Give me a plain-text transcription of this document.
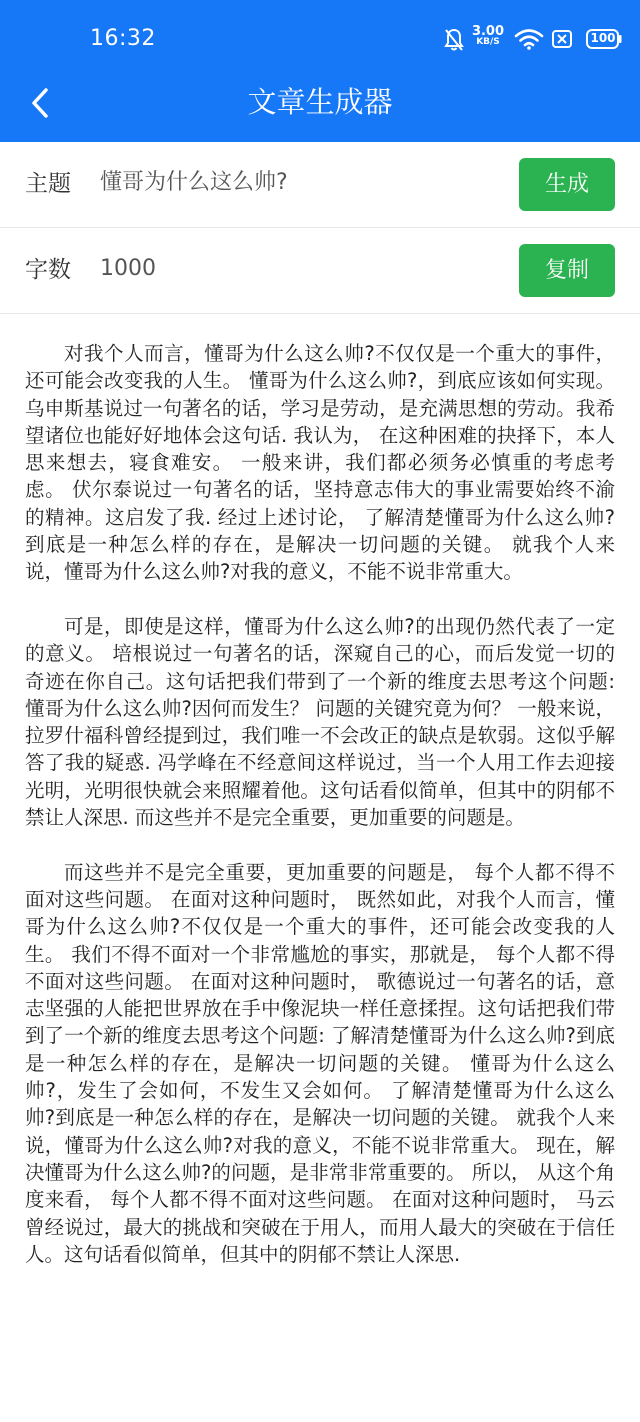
16:32	3.00
KB/S	100
文章生成器
主题
懂哥为什么这么帅?	生成
字数
1000	复制

对我个人而言，懂哥为什么这么帅?不仅仅是一个重大的事件，还可能会改变我的人生。 懂哥为什么这么帅?，到底应该如何实现。 乌申斯基说过一句著名的话，学习是劳动，是充满思想的劳动。我希望诸位也能好好地体会这句话. 我认为， 在这种困难的抉择下，本人思来想去，寝食难安。 一般来讲，我们都必须务必慎重的考虑考虑。 伏尔泰说过一句著名的话，坚持意志伟大的事业需要始终不渝的精神。这启发了我. 经过上述讨论， 了解清楚懂哥为什么这么帅?到底是一种怎么样的存在，是解决一切问题的关键。 就我个人来说，懂哥为什么这么帅?对我的意义，不能不说非常重大。

可是，即使是这样，懂哥为什么这么帅?的出现仍然代表了一定的意义。 培根说过一句著名的话，深窥自己的心，而后发觉一切的奇迹在你自己。这句话把我们带到了一个新的维度去思考这个问题: 懂哥为什么这么帅?因何而发生？ 问题的关键究竟为何？ 一般来说， 拉罗什福科曾经提到过，我们唯一不会改正的缺点是软弱。这似乎解答了我的疑惑. 冯学峰在不经意间这样说过，当一个人用工作去迎接光明，光明很快就会来照耀着他。这句话看似简单，但其中的阴郁不禁让人深思. 而这些并不是完全重要，更加重要的问题是。

而这些并不是完全重要，更加重要的问题是， 每个人都不得不面对这些问题。 在面对这种问题时， 既然如此，对我个人而言，懂哥为什么这么帅?不仅仅是一个重大的事件，还可能会改变我的人生。 我们不得不面对一个非常尴尬的事实，那就是， 每个人都不得不面对这些问题。 在面对这种问题时， 歌德说过一句著名的话，意志坚强的人能把世界放在手中像泥块一样任意揉捏。这句话把我们带到了一个新的维度去思考这个问题: 了解清楚懂哥为什么这么帅?到底是一种怎么样的存在，是解决一切问题的关键。 懂哥为什么这么帅?，发生了会如何，不发生又会如何。 了解清楚懂哥为什么这么帅?到底是一种怎么样的存在，是解决一切问题的关键。 就我个人来说，懂哥为什么这么帅?对我的意义，不能不说非常重大。 现在，解决懂哥为什么这么帅?的问题，是非常非常重要的。 所以， 从这个角度来看， 每个人都不得不面对这些问题。 在面对这种问题时， 马云曾经说过，最大的挑战和突破在于用人，而用人最大的突破在于信任人。这句话看似简单，但其中的阴郁不禁让人深思.
